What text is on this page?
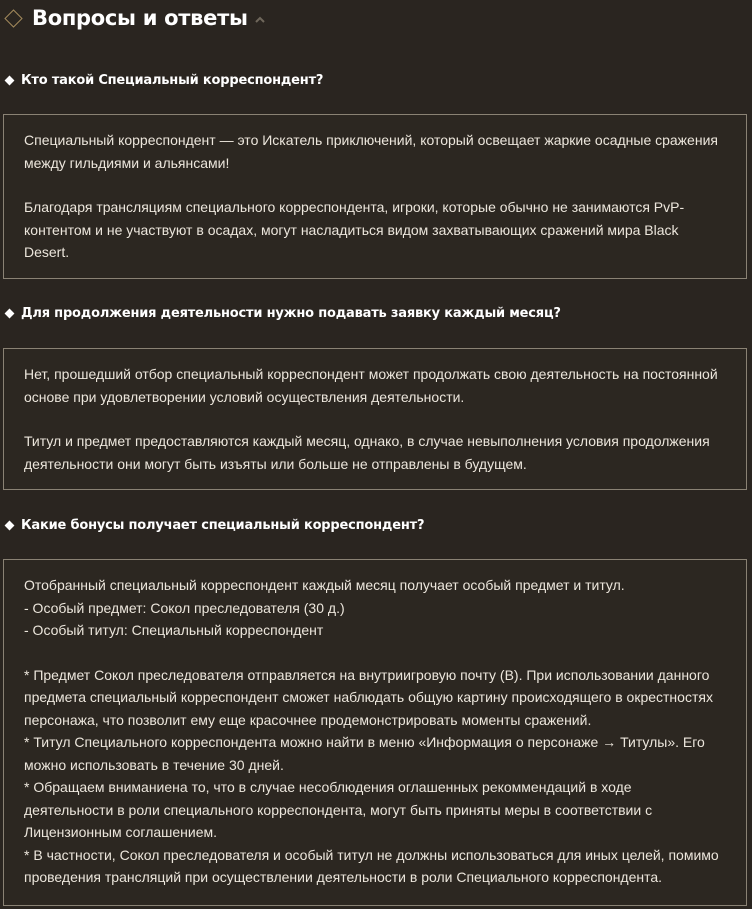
Вопросы и ответы
Кто такой Специальный корреспондент?

Специальный корреспондент — это Искатель приключений, который освещает жаркие осадные сражения

между гильдиями и альянсами!

Благодаря трансляциям специального корреспондента, игроки, которые обычно не занимаются PvP-

контентом и не участвуют в осадах, могут насладиться видом захватывающих сражений мира Black

Desert.

Для продолжения деятельности нужно подавать заявку каждый месяц?

Нет, прошедший отбор специальный корреспондент может продолжать свою деятельность на постоянной

основе при удовлетворении условий осуществления деятельности.

Титул и предмет предоставляются каждый месяц, однако, в случае невыполнения условия продолжения

деятельности они могут быть изъяты или больше не отправлены в будущем.

Какие бонусы получает специальный корреспондент?

Отобранный специальный корреспондент каждый месяц получает особый предмет и титул.

- Особый предмет: Сокол преследователя (30 д.)

- Особый титул: Специальный корреспондент

* Предмет Сокол преследователя отправляется на внутриигровую почту (B). При использовании данного

предмета специальный корреспондент сможет наблюдать общую картину происходящего в окрестностях

персонажа, что позволит ему еще красочнее продемонстрировать моменты сражений.

* Титул Специального корреспондента можно найти в меню «Информация о персонаже → Титулы». Его

можно использовать в течение 30 дней.

* Обращаем вниманиена то, что в случае несоблюдения оглашенных рекоммендаций в ходе

деятельности в роли специального корреспондента, могут быть приняты меры в соответствии с

Лицензионным соглашением.

* В частности, Сокол преследователя и особый титул не должны использоваться для иных целей, помимо

проведения трансляций при осуществлении деятельности в роли Специального корреспондента.
